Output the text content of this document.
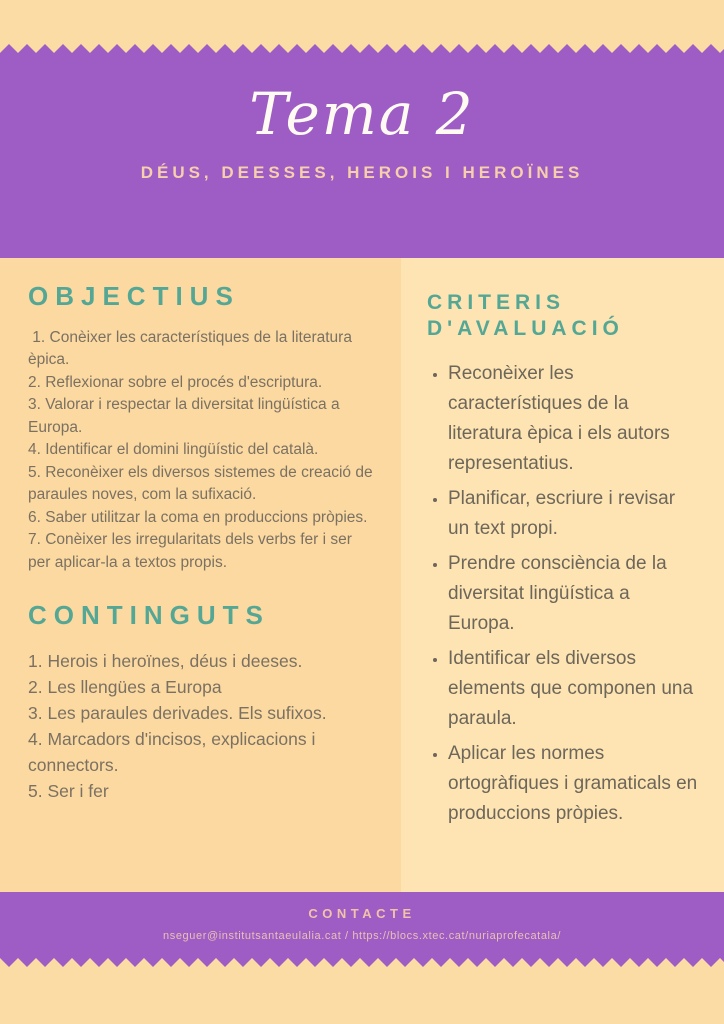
Tema 2
DÉUS, DEESSES, HEROIS I HEROÏNES
OBJECTIUS
1. Conèixer les característiques de la literatura èpica.
2. Reflexionar sobre el procés d'escriptura.
3. Valorar i respectar la diversitat lingüística a Europa.
4. Identificar el domini lingüístic del català.
5. Reconèixer els diversos sistemes de creació de paraules noves, com la sufixació.
6. Saber utilitzar la coma en produccions pròpies.
7. Conèixer les irregularitats dels verbs fer i ser per aplicar-la a textos propis.
CONTINGUTS
1. Herois i heroïnes, déus i deeses.
2. Les llengües a Europa
3. Les paraules derivades. Els sufixos.
4. Marcadors d'incisos, explicacions i connectors.
5. Ser i fer
CRITERIS
D'AVALUACIÓ
• Reconèixer les característiques de la literatura èpica i els autors representatius.
• Planificar, escriure i revisar un text propi.
• Prendre consciència de la diversitat lingüística a Europa.
• Identificar els diversos elements que componen una paraula.
• Aplicar les normes ortogràfiques i gramaticals en produccions pròpies.
CONTACTE
nseguer@institutsantaeulalia.cat / https://blocs.xtec.cat/nuriaprofecatala/
